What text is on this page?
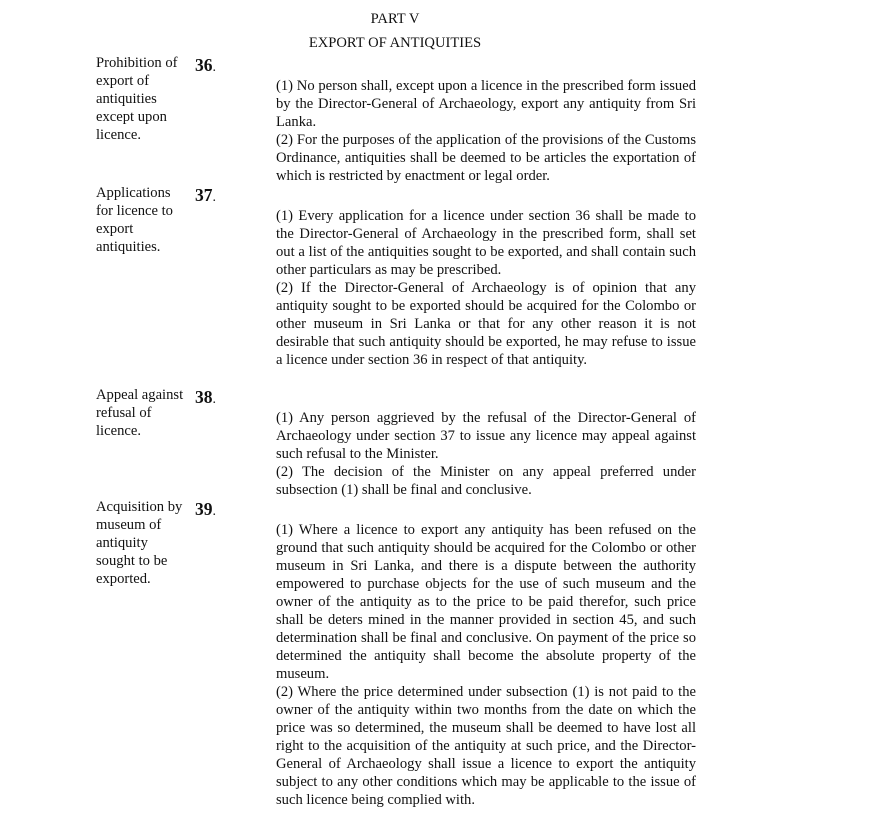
PART V
EXPORT OF ANTIQUITIES
Prohibition of
export of
antiquities
except upon
licence.
36.

(1) No person shall, except upon a licence in the prescribed form issued by the Director-General of Archaeology, export any antiquity from Sri Lanka.

(2) For the purposes of the application of the provisions of the Customs Ordinance, antiquities shall be deemed to be articles the exportation of which is restricted by enactment or legal order.

Applications
for licence to
export
antiquities.
37.

(1) Every application for a licence under section 36 shall be made to the Director-General of Archaeology in the prescribed form, shall set out a list of the antiquities sought to be exported, and shall contain such other particulars as may be prescribed.

(2) If the Director-General of Archaeology is of opinion that any antiquity sought to be exported should be acquired for the Colombo or other museum in Sri Lanka or that for any other reason it is not desirable that such antiquity should be exported, he may refuse to issue a licence under section 36 in respect of that antiquity.

Appeal against
refusal of
licence.
38.

(1) Any person aggrieved by the refusal of the Director-General of Archaeology under section 37 to issue any licence may appeal against such refusal to the Minister.

(2) The decision of the Minister on any appeal preferred under subsection (1) shall be final and conclusive.

Acquisition by
museum of
antiquity
sought to be
exported.
39.

(1) Where a licence to export any antiquity has been refused on the ground that such antiquity should be acquired for the Colombo or other museum in Sri Lanka, and there is a dispute between the authority empowered to purchase objects for the use of such museum and the owner of the antiquity as to the price to be paid therefor, such price shall be deters mined in the manner provided in section 45, and such determination shall be final and conclusive. On payment of the price so determined the antiquity shall become the absolute property of the museum.

(2) Where the price determined under subsection (1) is not paid to the owner of the antiquity within two months from the date on which the price was so determined, the museum shall be deemed to have lost all right to the acquisition of the antiquity at such price, and the Director-General of Archaeology shall issue a licence to export the antiquity subject to any other conditions which may be applicable to the issue of such licence being complied with.
